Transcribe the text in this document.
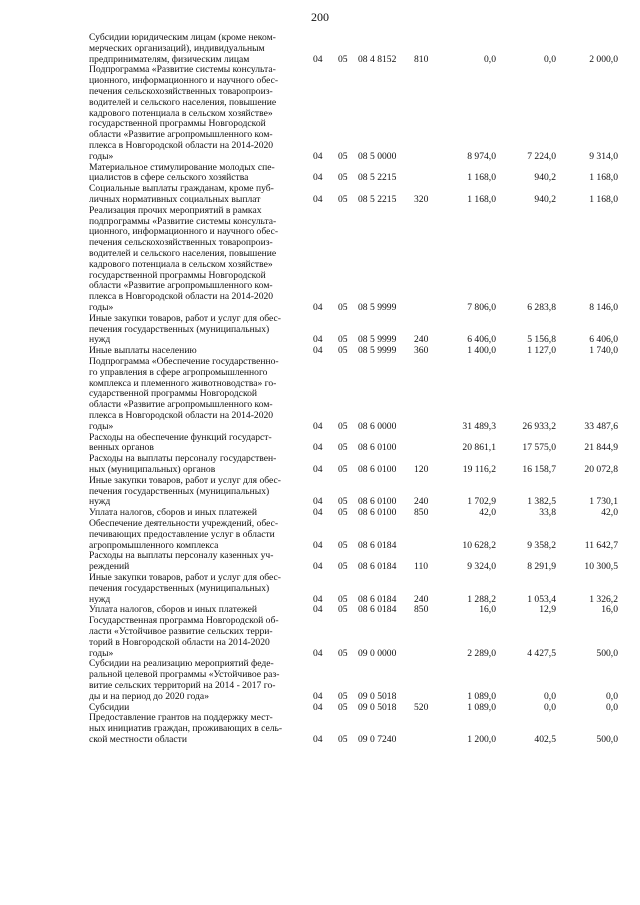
200
Субсидии юридическим лицам (кроме неком-
мерческих организаций), индивидуальным
предпринимателям, физическим лицам	04	05	08 4 8152	810	0,0	0,0	2 000,0
Подпрограмма «Развитие системы консульта-
ционного, информационного и научного обес-
печения сельскохозяйственных товаропроиз-
водителей и сельского населения, повышение
кадрового потенциала в сельском хозяйстве»
государственной программы Новгородской
области «Развитие агропромышленного ком-
плекса в Новгородской области на 2014-2020
годы»	04	05	08 5 0000	8 974,0	7 224,0	9 314,0
Материальное стимулирование молодых спе-
циалистов в сфере сельского хозяйства	04	05	08 5 2215	1 168,0	940,2	1 168,0
Социальные выплаты гражданам, кроме пуб-
личных нормативных социальных выплат	04	05	08 5 2215	320	1 168,0	940,2	1 168,0
Реализация прочих мероприятий в рамках
подпрограммы «Развитие системы консульта-
ционного, информационного и научного обес-
печения сельскохозяйственных товаропроиз-
водителей и сельского населения, повышение
кадрового потенциала в сельском хозяйстве»
государственной программы Новгородской
области «Развитие агропромышленного ком-
плекса в Новгородской области на 2014-2020
годы»	04	05	08 5 9999	7 806,0	6 283,8	8 146,0
Иные закупки товаров, работ и услуг для обес-
печения государственных (муниципальных)
нужд	04	05	08 5 9999	240	6 406,0	5 156,8	6 406,0
Иные выплаты населению	04	05	08 5 9999	360	1 400,0	1 127,0	1 740,0
Подпрограмма «Обеспечение государственно-
го управления в сфере агропромышленного
комплекса и племенного животноводства» го-
сударственной программы Новгородской
области «Развитие агропромышленного ком-
плекса в Новгородской области на 2014-2020
годы»	04	05	08 6 0000	31 489,3	26 933,2	33 487,6
Расходы на обеспечение функций государст-
венных органов	04	05	08 6 0100	20 861,1	17 575,0	21 844,9
Расходы на выплаты персоналу государствен-
ных (муниципальных) органов	04	05	08 6 0100	120	19 116,2	16 158,7	20 072,8
Иные закупки товаров, работ и услуг для обес-
печения государственных (муниципальных)
нужд	04	05	08 6 0100	240	1 702,9	1 382,5	1 730,1
Уплата налогов, сборов и иных платежей	04	05	08 6 0100	850	42,0	33,8	42,0
Обеспечение деятельности учреждений, обес-
печивающих предоставление услуг в области
агропромышленного комплекса	04	05	08 6 0184	10 628,2	9 358,2	11 642,7
Расходы на выплаты персоналу казенных уч-
реждений	04	05	08 6 0184	110	9 324,0	8 291,9	10 300,5
Иные закупки товаров, работ и услуг для обес-
печения государственных (муниципальных)
нужд	04	05	08 6 0184	240	1 288,2	1 053,4	1 326,2
Уплата налогов, сборов и иных платежей	04	05	08 6 0184	850	16,0	12,9	16,0
Государственная программа Новгородской об-
ласти «Устойчивое развитие сельских терри-
торий в Новгородской области на 2014-2020
годы»	04	05	09 0 0000	2 289,0	4 427,5	500,0
Субсидии на реализацию мероприятий феде-
ральной целевой программы «Устойчивое раз-
витие сельских территорий на 2014 - 2017 го-
ды и на период до 2020 года»	04	05	09 0 5018	1 089,0	0,0	0,0
Субсидии	04	05	09 0 5018	520	1 089,0	0,0	0,0
Предоставление грантов на поддержку мест-
ных инициатив граждан, проживающих в сель-
ской местности области	04	05	09 0 7240	1 200,0	402,5	500,0
